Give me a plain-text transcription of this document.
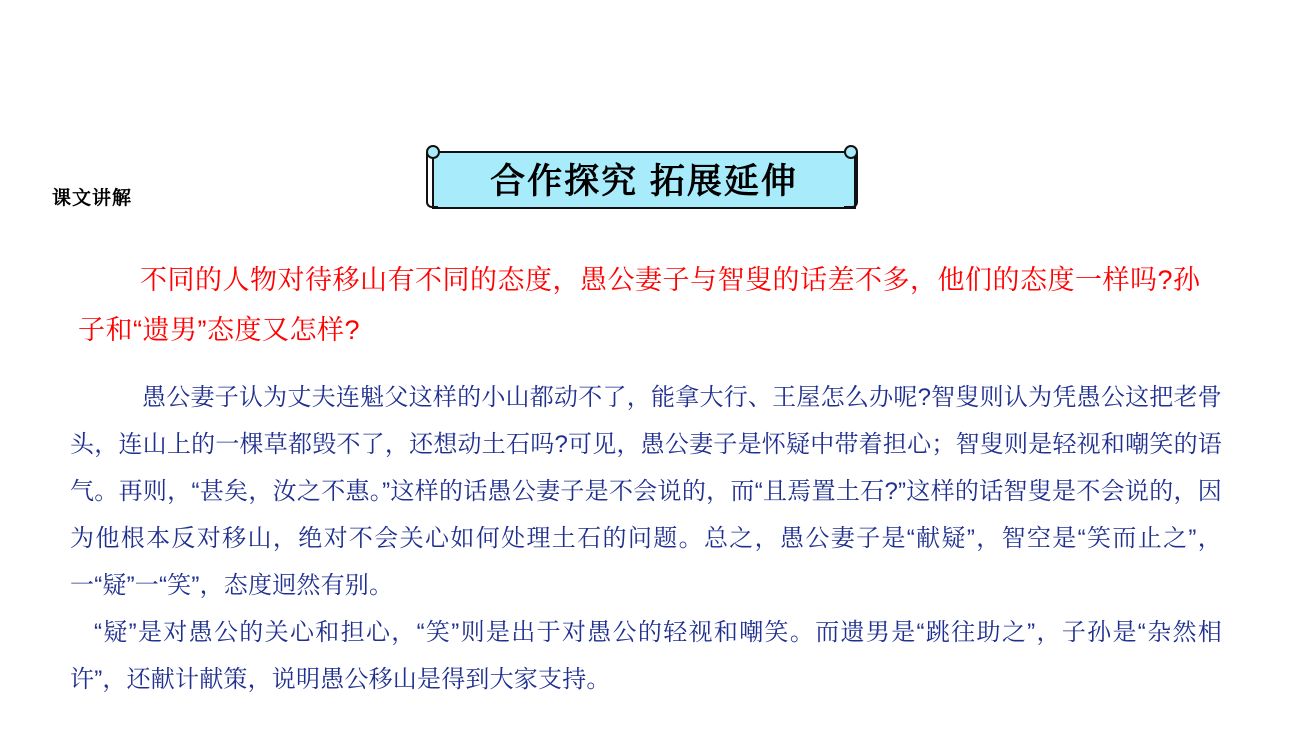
课文讲解	合作探究 拓展延伸
不同的人物对待移山有不同的态度，愚公妻子与智叟的话差不多，他们的态度一样吗?孙子和“遗男”态度又怎样?

愚公妻子认为丈夫连魁父这样的小山都动不了，能拿大行、王屋怎么办呢?智叟则认为凭愚公这把老骨头，连山上的一棵草都毁不了，还想动土石吗?可见，愚公妻子是怀疑中带着担心；智叟则是轻视和嘲笑的语气。再则，“甚矣，汝之不惠。”这样的话愚公妻子是不会说的，而“且焉置土石?”这样的话智叟是不会说的，因为他根本反对移山，绝对不会关心如何处理土石的问题。总之，愚公妻子是“献疑”，智空是“笑而止之”，一“疑”一“笑”，态度迥然有别。

“疑”是对愚公的关心和担心，“笑”则是出于对愚公的轻视和嘲笑。而遗男是“跳往助之”，子孙是“杂然相许”，还献计献策，说明愚公移山是得到大家支持。
